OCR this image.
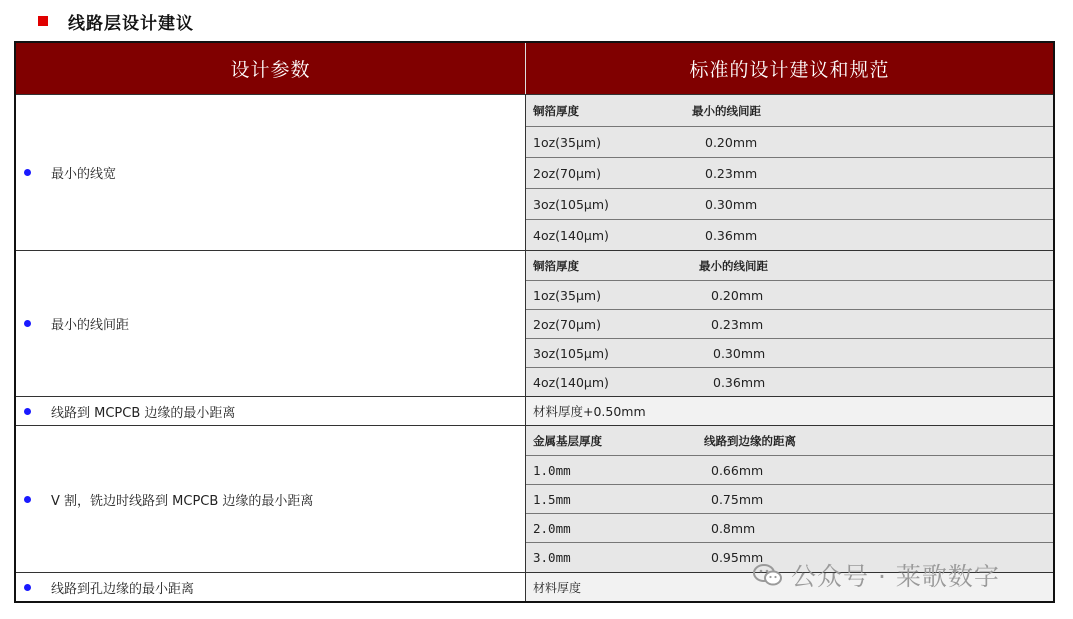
线路层设计建议
设计参数	标准的设计建议和规范
最小的线宽
铜箔厚度	最小的线间距
1oz(35μm)	0.20mm
2oz(70μm)	0.23mm
3oz(105μm)	0.30mm
4oz(140μm)	0.36mm
最小的线间距
铜箔厚度	最小的线间距
1oz(35μm)	0.20mm
2oz(70μm)	0.23mm
3oz(105μm)	0.30mm
4oz(140μm)	0.36mm
线路到 MCPCB 边缘的最小距离	材料厚度+0.50mm
V 割，铣边时线路到 MCPCB 边缘的最小距离
金属基层厚度	线路到边缘的距离
1.0mm	0.66mm
1.5mm	0.75mm
2.0mm	0.8mm
3.0mm	0.95mm
线路到孔边缘的最小距离	材料厚度	公众号 · 莱歌数字
